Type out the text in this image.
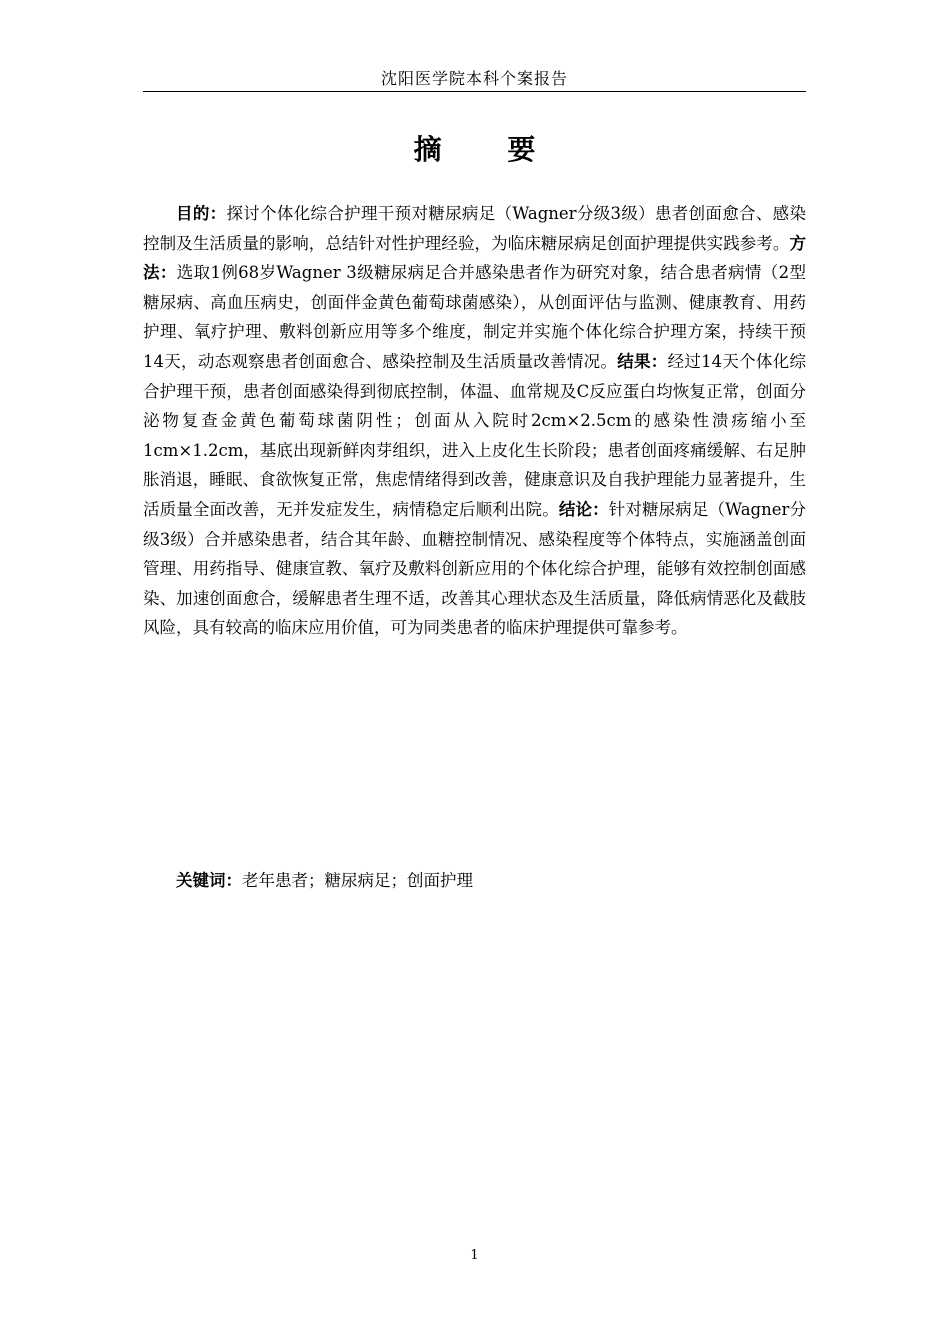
沈阳医学院本科个案报告
摘 要

目的：探讨个体化综合护理干预对糖尿病足（Wagner分级3级）患者创面愈合、感染控制及生活质量的影响，总结针对性护理经验，为临床糖尿病足创面护理提供实践参考。方法：选取1例68岁Wagner 3级糖尿病足合并感染患者作为研究对象，结合患者病情（2型糖尿病、高血压病史，创面伴金黄色葡萄球菌感染），从创面评估与监测、健康教育、用药护理、氧疗护理、敷料创新应用等多个维度，制定并实施个体化综合护理方案，持续干预14天，动态观察患者创面愈合、感染控制及生活质量改善情况。结果：经过14天个体化综合护理干预，患者创面感染得到彻底控制，体温、血常规及C反应蛋白均恢复正常，创面分泌物复查金黄色葡萄球菌阴性；创面从入院时2cm×2.5cm的感染性溃疡缩小至1cm×1.2cm，基底出现新鲜肉芽组织，进入上皮化生长阶段；患者创面疼痛缓解、右足肿胀消退，睡眠、食欲恢复正常，焦虑情绪得到改善，健康意识及自我护理能力显著提升，生活质量全面改善，无并发症发生，病情稳定后顺利出院。结论：针对糖尿病足（Wagner分级3级）合并感染患者，结合其年龄、血糖控制情况、感染程度等个体特点，实施涵盖创面管理、用药指导、健康宣教、氧疗及敷料创新应用的个体化综合护理，能够有效控制创面感染、加速创面愈合，缓解患者生理不适，改善其心理状态及生活质量，降低病情恶化及截肢风险，具有较高的临床应用价值，可为同类患者的临床护理提供可靠参考。

关键词：老年患者；糖尿病足；创面护理

1
